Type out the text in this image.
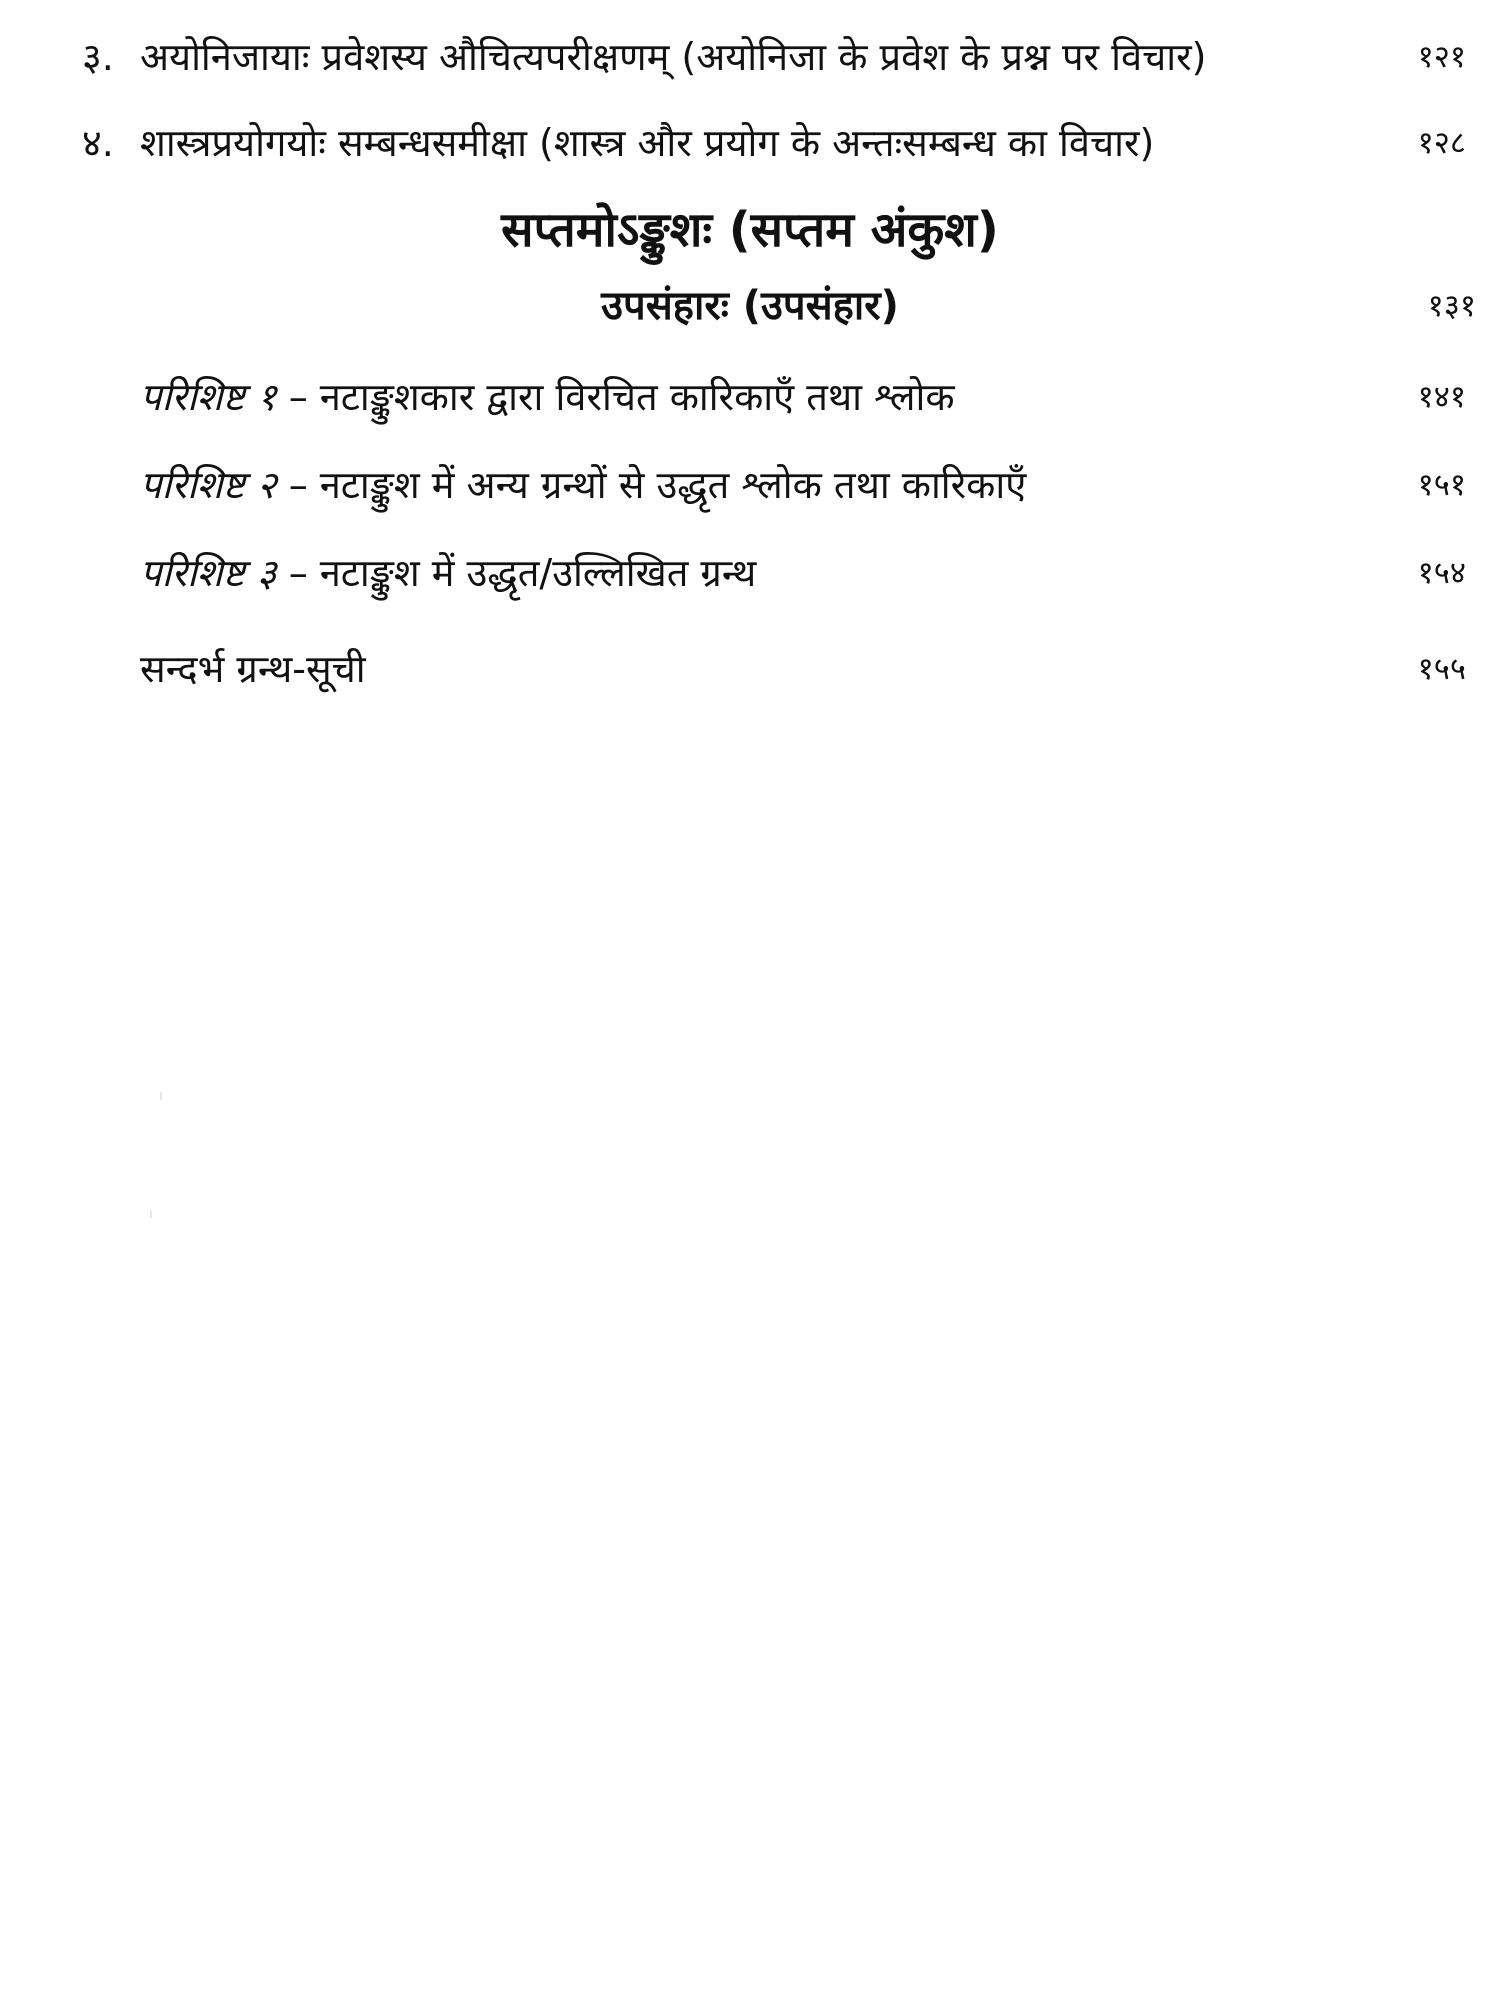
३. अयोनिजायाः प्रवेशस्य औचित्यपरीक्षणम् (अयोनिजा के प्रवेश के प्रश्न पर विचार)	१२१
४. शास्त्रप्रयोगयोः सम्बन्धसमीक्षा (शास्त्र और प्रयोग के अन्तःसम्बन्ध का विचार)	१२८
सप्तमोऽङ्कुशः (सप्तम अंकुश)
उपसंहारः (उपसंहार)	१३१
परिशिष्ट १ – नटाङ्कुशकार द्वारा विरचित कारिकाएँ तथा श्लोक	१४१
परिशिष्ट २ – नटाङ्कुश में अन्य ग्रन्थों से उद्धृत श्लोक तथा कारिकाएँ	१५१
परिशिष्ट ३ – नटाङ्कुश में उद्धृत/उल्लिखित ग्रन्थ	१५४
सन्दर्भ ग्रन्थ-सूची	१५५
